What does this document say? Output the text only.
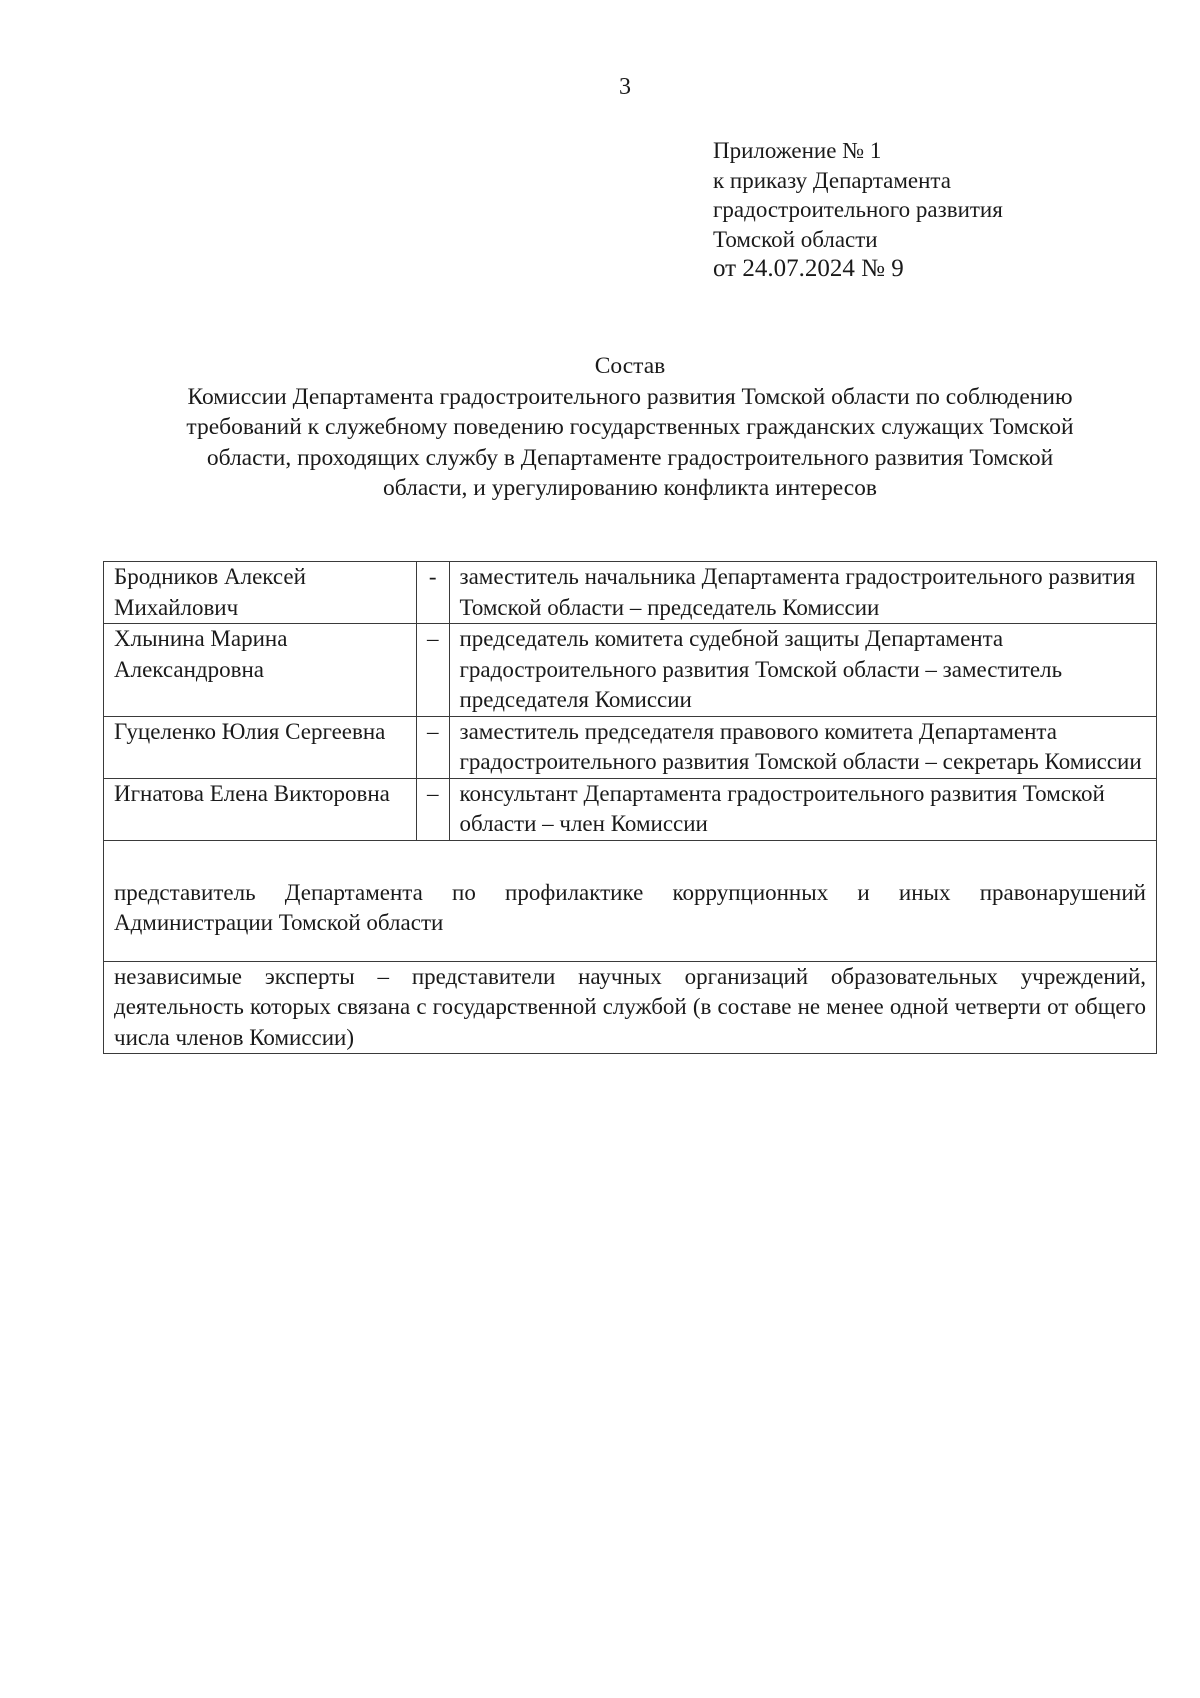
3
Приложение № 1
к приказу Департамента
градостроительного развития
Томской области
от 24.07.2024 № 9
Состав
Комиссии Департамента градостроительного развития Томской области по соблюдению
требований к служебному поведению государственных гражданских служащих Томской
области, проходящих службу в Департаменте градостроительного развития Томской
области, и урегулированию конфликта интересов
Бродников Алексей Михайлович	-	заместитель начальника Департамента градостроительного развития Томской области – председатель Комиссии
Хлынина Марина Александровна	–	председатель комитета судебной защиты Департамента градостроительного развития Томской области – заместитель председателя Комиссии
Гуцеленко Юлия Сергеевна	–	заместитель председателя правового комитета Департамента градостроительного развития Томской области – секретарь Комиссии
Игнатова Елена Викторовна	–	консультант Департамента градостроительного развития Томской области – член Комиссии
представитель Департамента по профилактике коррупционных и иных правонарушений Администрации Томской области		
независимые эксперты – представители научных организаций образовательных учреждений, деятельность которых связана с государственной службой (в составе не менее одной четверти от общего числа членов Комиссии)		
